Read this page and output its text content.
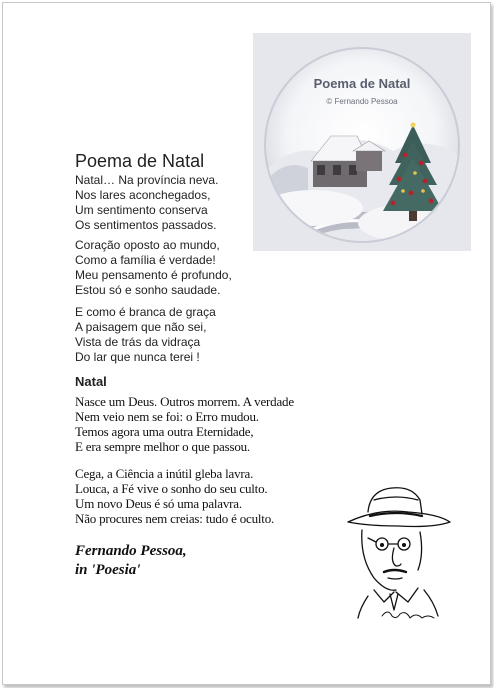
Poema de Natal
© Fernando Pessoa
Poema de Natal
Natal… Na província neva.
Nos lares aconchegados,
Um sentimento conserva
Os sentimentos passados.
Coração oposto ao mundo,
Como a família é verdade!
Meu pensamento é profundo,
Estou só e sonho saudade.
E como é branca de graça
A paisagem que não sei,
Vista de trás da vidraça
Do lar que nunca terei !
Natal
Nasce um Deus. Outros morrem. A verdade
Nem veio nem se foi: o Erro mudou.
Temos agora uma outra Eternidade,
E era sempre melhor o que passou.
Cega, a Ciência a inútil gleba lavra.
Louca, a Fé vive o sonho do seu culto.
Um novo Deus é só uma palavra.
Não procures nem creias: tudo é oculto.
Fernando Pessoa,
in 'Poesia'
